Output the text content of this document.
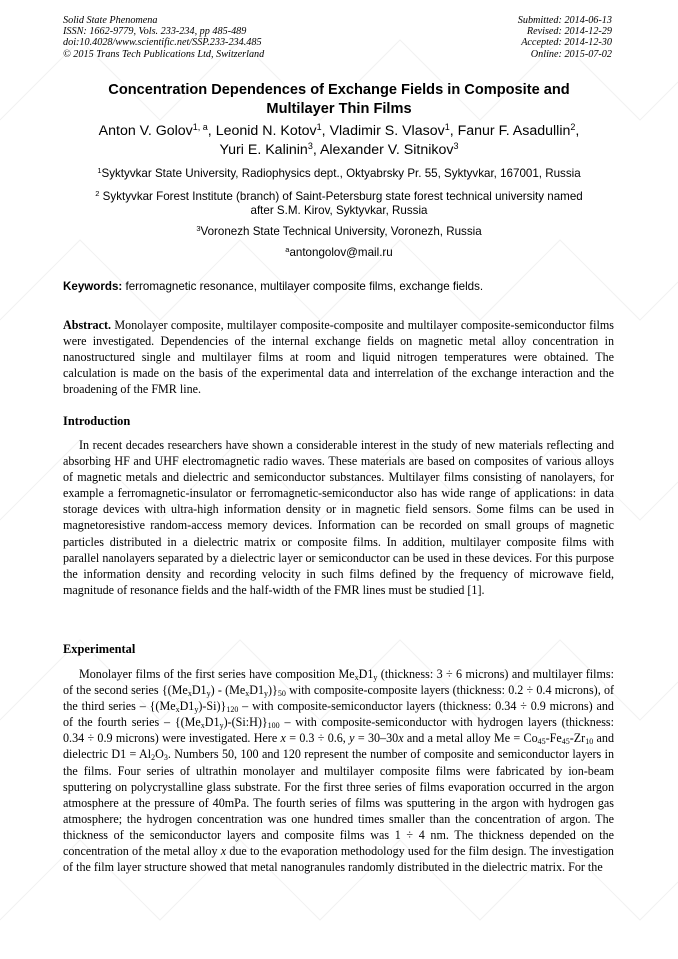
Solid State Phenomena
ISSN: 1662-9779, Vols. 233-234, pp 485-489
doi:10.4028/www.scientific.net/SSP.233-234.485
© 2015 Trans Tech Publications Ltd, Switzerland
Submitted: 2014-06-13
Revised: 2014-12-29
Accepted: 2014-12-30
Online: 2015-07-02
Concentration Dependences of Exchange Fields in Composite and
Multilayer Thin Films
Anton V. Golov$^{1, a}$, Leonid N. Kotov$^1$, Vladimir S. Vlasov$^1$, Fanur F. Asadullin$^2$,
Yuri E. Kalinin$^3$, Alexander V. Sitnikov$^3$
$^1$Syktyvkar State University, Radiophysics dept., Oktyabrsky Pr. 55, Syktyvkar, 167001, Russia
$^2$ Syktyvkar Forest Institute (branch) of Saint-Petersburg state forest technical university named
after S.M. Kirov, Syktyvkar, Russia
$^3$Voronezh State Technical University, Voronezh, Russia
$^a$antongolov@mail.ru
Keywords: ferromagnetic resonance, multilayer composite films, exchange fields.
Abstract. Monolayer composite, multilayer composite-composite and multilayer composite-semiconductor films were investigated. Dependencies of the internal exchange fields on magnetic metal alloy concentration in nanostructured single and multilayer films at room and liquid nitrogen temperatures were obtained. The calculation is made on the basis of the experimental data and interrelation of the exchange interaction and the broadening of the FMR line.
Introduction
In recent decades researchers have shown a considerable interest in the study of new materials reflecting and absorbing HF and UHF electromagnetic radio waves. These materials are based on composites of various alloys of magnetic metals and dielectric and semiconductor substances. Multilayer films consisting of nanolayers, for example a ferromagnetic-insulator or ferromagnetic-semiconductor also has wide range of applications: in data storage devices with ultra-high information density or in magnetic field sensors. Some films can be used in magnetoresistive random-access memory devices. Information can be recorded on small groups of magnetic particles distributed in a dielectric matrix or composite films. In addition, multilayer composite films with parallel nanolayers separated by a dielectric layer or semiconductor can be used in these devices. For this purpose the information density and recording velocity in such films defined by the frequency of microwave field, magnitude of resonance fields and the half-width of the FMR lines must be studied [1].
Experimental
Monolayer films of the first series have composition $Me_xD1_y$ (thickness: 3 ÷ 6 microns) and multilayer films: of the second series $\{(Me_xD1_y) - (Me_xD1_y)\}_{50}$ with composite-composite layers (thickness: 0.2 ÷ 0.4 microns), of the third series – $\{(Me_xD1_y)-Si)\}_{120}$ – with composite-semiconductor layers (thickness: 0.34 ÷ 0.9 microns) and of the fourth series – $\{(Me_xD1_y)-(Si:H)\}_{100}$ – with composite-semiconductor with hydrogen layers (thickness: 0.34 ÷ 0.9 microns) were investigated. Here x = 0.3 ÷ 0.6, y = 30–30x and a metal alloy $Me = Co_{45}-Fe_{45}-Zr_{10}$ and dielectric $D1 = Al_2O_3$. Numbers 50, 100 and 120 represent the number of composite and semiconductor layers in the films. Four series of ultrathin monolayer and multilayer composite films were fabricated by ion-beam sputtering on polycrystalline glass substrate. For the first three series of films evaporation occurred in the argon atmosphere at the pressure of 40mPa. The fourth series of films was sputtering in the argon with hydrogen gas atmosphere; the hydrogen concentration was one hundred times smaller than the concentration of argon. The thickness of the semiconductor layers and composite films was 1 ÷ 4 nm. The thickness depended on the concentration of the metal alloy x due to the evaporation methodology used for the film design. The investigation of the film layer structure showed that metal nanogranules randomly distributed in the dielectric matrix. For the
